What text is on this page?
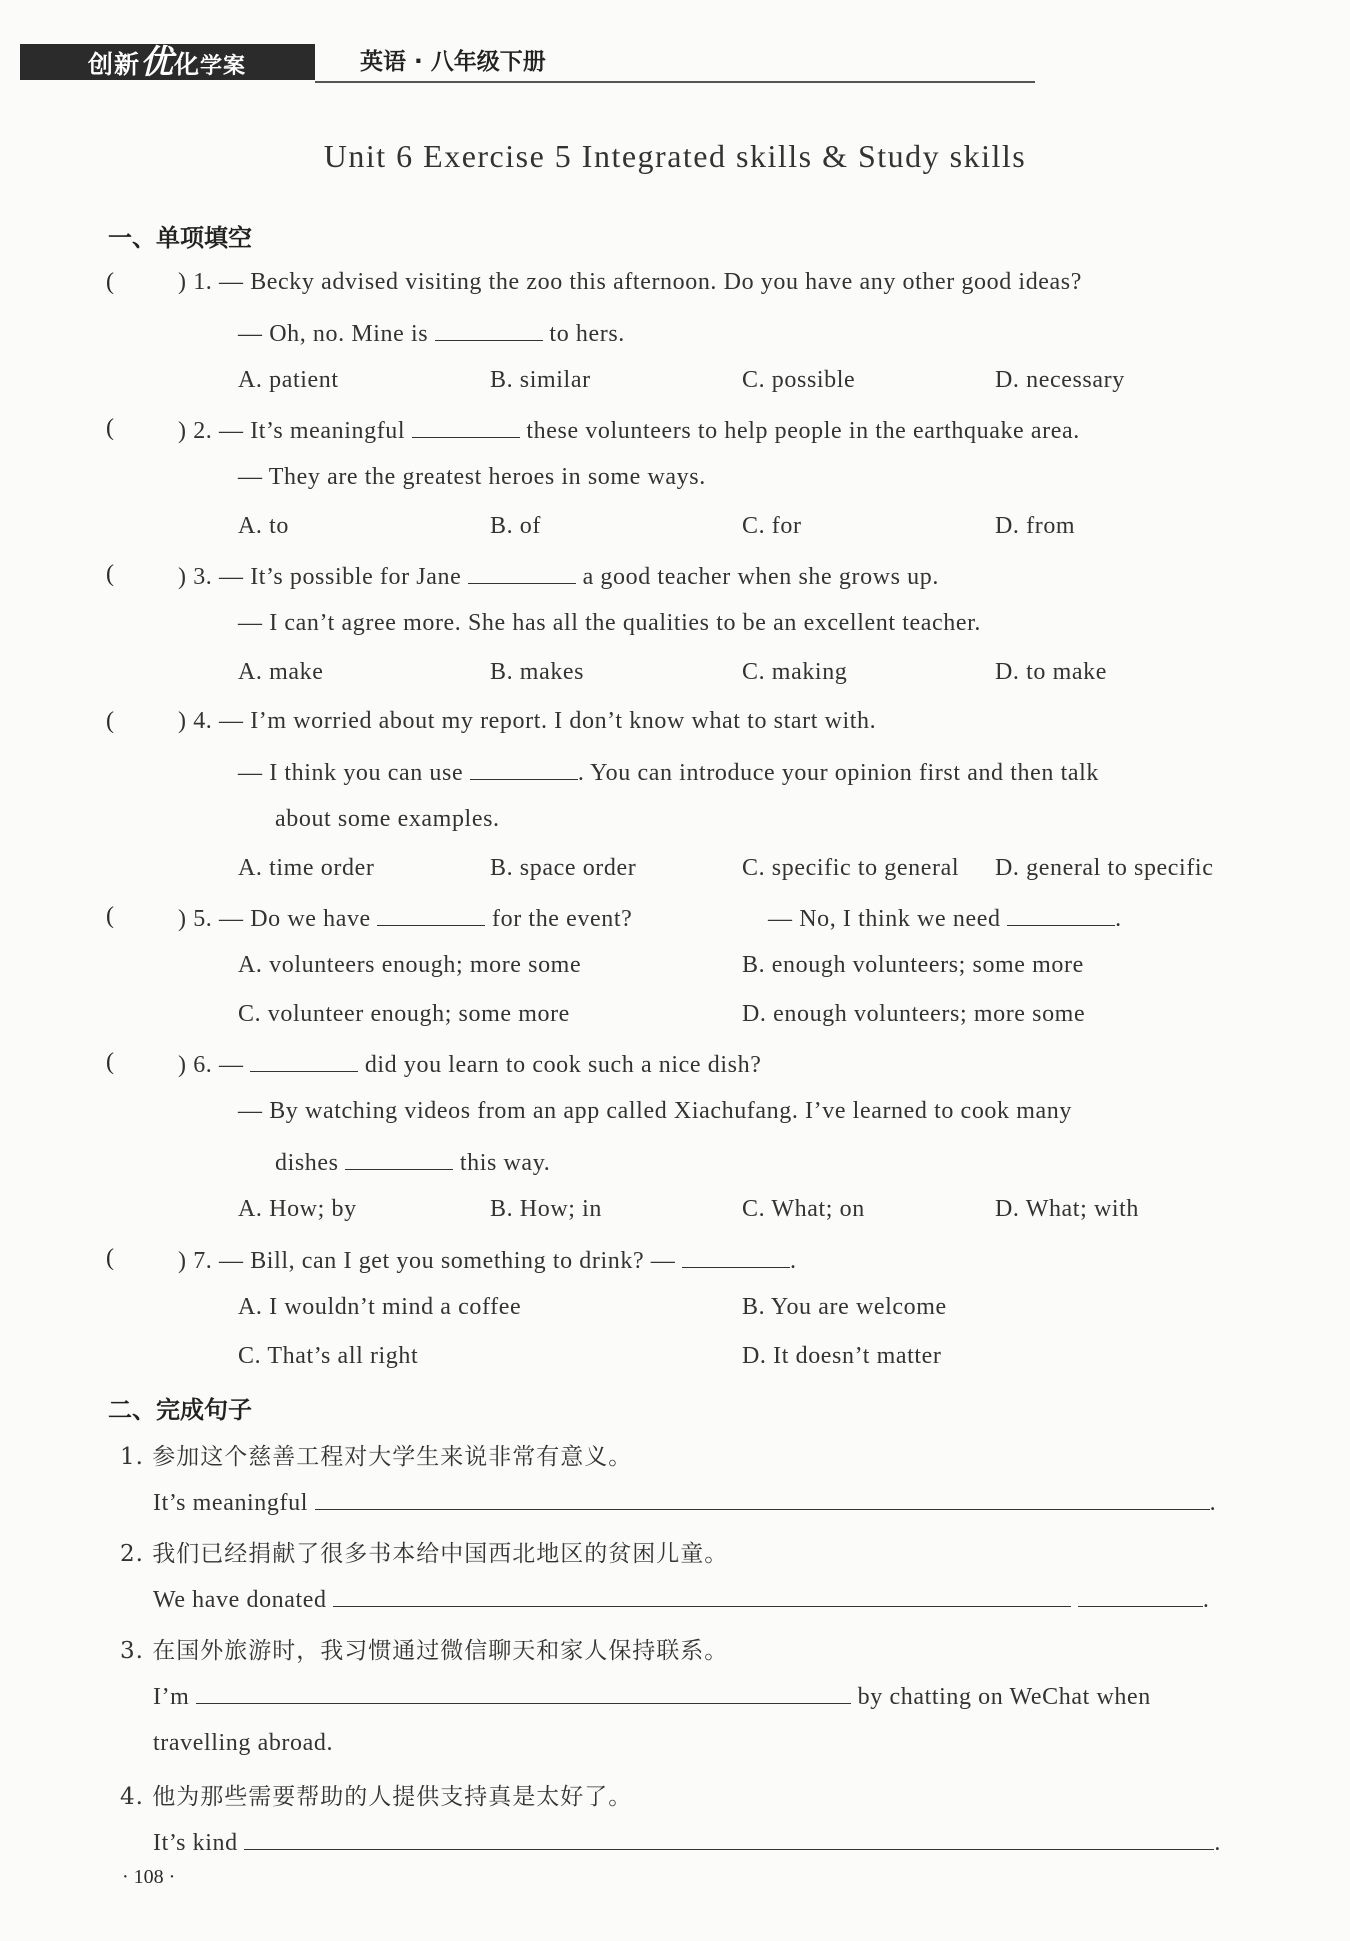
创新优化学案	英语 · 八年级下册
Unit 6 Exercise 5 Integrated skills & Study skills
一、单项填空
(	) 1. — Becky advised visiting the zoo this afternoon. Do you have any other good ideas?
— Oh, no. Mine is	to hers.
A. patient	B. similar	C. possible	D. necessary
(	) 2. — It’s meaningful	these volunteers to help people in the earthquake area.
— They are the greatest heroes in some ways.
A. to	B. of	C. for	D. from
(	) 3. — It’s possible for Jane	a good teacher when she grows up.
— I can’t agree more. She has all the qualities to be an excellent teacher.
A. make	B. makes	C. making	D. to make
(	) 4. — I’m worried about my report. I don’t know what to start with.
— I think you can use	. You can introduce your opinion first and then talk
about some examples.
A. time order	B. space order	C. specific to general D. general to specific
(	) 5. — Do we have	for the event?	— No, I think we need	.
A. volunteers enough; more some	B. enough volunteers; some more
C. volunteer enough; some more	D. enough volunteers; more some
(	) 6. —	did you learn to cook such a nice dish?
— By watching videos from an app called Xiachufang. I’ve learned to cook many
dishes	this way.
A. How; by	B. How; in	C. What; on	D. What; with
(	) 7. — Bill, can I get you something to drink? —	.
A. I wouldn’t mind a coffee	B. You are welcome
C. That’s all right	D. It doesn’t matter
二、完成句子
1. 参加这个慈善工程对大学生来说非常有意义。
It’s meaningful	.
2. 我们已经捐献了很多书本给中国西北地区的贫困儿童。
We have donated	.
3. 在国外旅游时，我习惯通过微信聊天和家人保持联系。
I’m	by chatting on WeChat when
travelling abroad.
4. 他为那些需要帮助的人提供支持真是太好了。
It’s kind	.
· 108 ·
